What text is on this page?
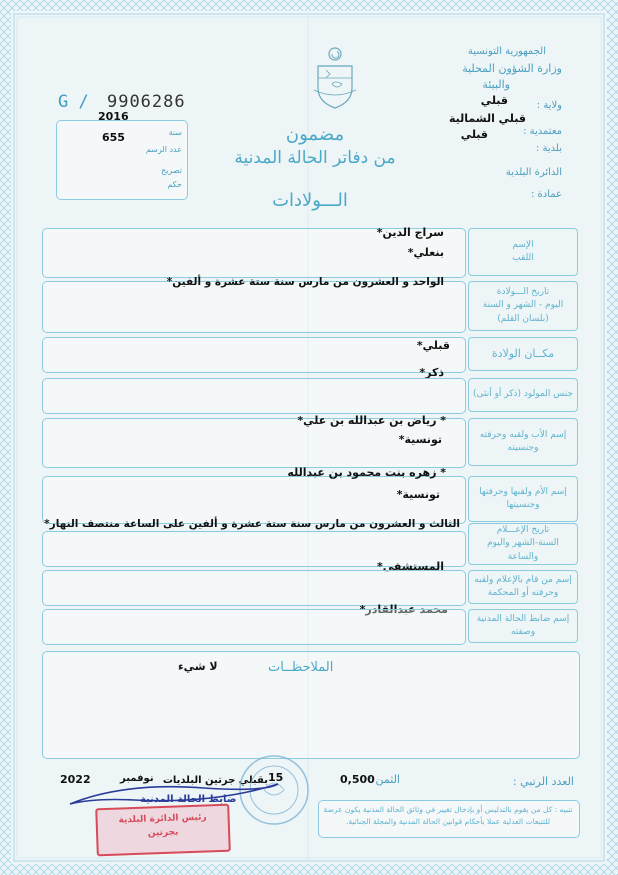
الجمهورية التونسية
وزارة الشؤون المحلية
والبيئة
ولاية :
قبلي
قبلي الشمالية
معتمدية :
قبلي
بلدية :
الدائرة البلدية
عمادة :
G / 9906286
2016
655	سنة
عدد الرسم
تصريح
حكم
مضمون
من دفاتر الحالة المدنية
الـــولادات
الإسم
اللقب
سراج الدين*
بنعلي*
تاريخ الـــولادة
اليوم - الشهر و السنة
(بلسان القلم)
الواحد و العشرون من مارس سنة ستة عشرة و ألفين*
مكــان الولادة
قبلي*
ذكر*
جنس المولود (ذكر أو أنثى)
إسم الأب ولقبه وحرفته
وجنسيته
* رياض بن عبدالله بن علي*
تونسية*
إسم الأم ولقبها وحرفتها
وجنسيتها
* زهره بنت محمود بن عبدالله
تونسية*
الثالث و العشرون من مارس سنة ستة عشرة و ألفين على الساعة منتصف النهار*	تاريخ الإعـــلام
السنة-الشهر واليوم والساعة
المستشفى*
إسم من قام بالإعلام ولقبه
وحرفته أو المحكمة
محمد عبدالقادر*
إسم ضابط الحالة المدنية
وصفته
الملاحظــات
لا شيء
العدد الرتبي :
الثمن :
0,500
بقبلي جرتين البلديات 15
نوفمبر
2022
تنبيه : كل من يقوم بالتدليس أو بإدخال تغيير في وثائق الحالة المدنية يكون عرضة
للتتبعات العدلية عملا بأحكام قوانين الحالة المدنية والمجلة الجنائية.
ضابط الحالة المدنية
رئيس الدائرة البلدية
بجرتين
